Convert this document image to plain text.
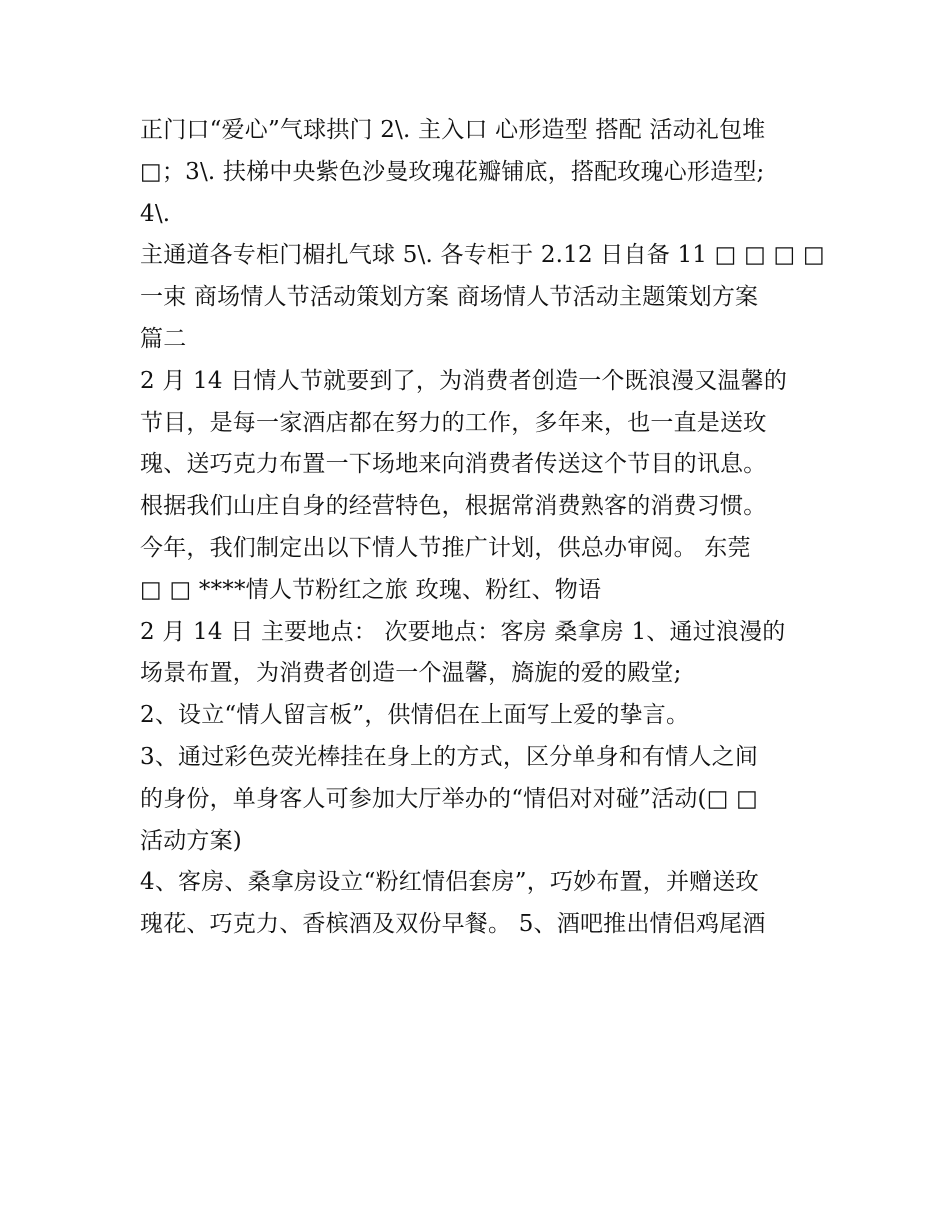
正门口“爱心”气球拱门 2\. 主入口 心形造型 搭配 活动礼包堆
□；3\. 扶梯中央紫色沙曼玫瑰花瓣铺底，搭配玫瑰心形造型;
4\.
主通道各专柜门楣扎气球 5\. 各专柜于 2.12 日自备 11 □ □ □ □
一束 商场情人节活动策划方案 商场情人节活动主题策划方案
篇二
2 月 14 日情人节就要到了，为消费者创造一个既浪漫又温馨的
节目，是每一家酒店都在努力的工作，多年来，也一直是送玫
瑰、送巧克力布置一下场地来向消费者传送这个节目的讯息。
根据我们山庄自身的经营特色，根据常消费熟客的消费习惯。
今年，我们制定出以下情人节推广计划，供总办审阅。 东莞
□ □ ****情人节粉红之旅 玫瑰、粉红、物语
2 月 14 日 主要地点： 次要地点：客房 桑拿房 1、通过浪漫的
场景布置，为消费者创造一个温馨，旖旎的爱的殿堂;
2、设立“情人留言板”，供情侣在上面写上爱的挚言。
3、通过彩色荧光棒挂在身上的方式，区分单身和有情人之间
的身份，单身客人可参加大厅举办的“情侣对对碰”活动(□ □
活动方案)
4、客房、桑拿房设立“粉红情侣套房”，巧妙布置，并赠送玫
瑰花、巧克力、香槟酒及双份早餐。 5、酒吧推出情侣鸡尾酒
